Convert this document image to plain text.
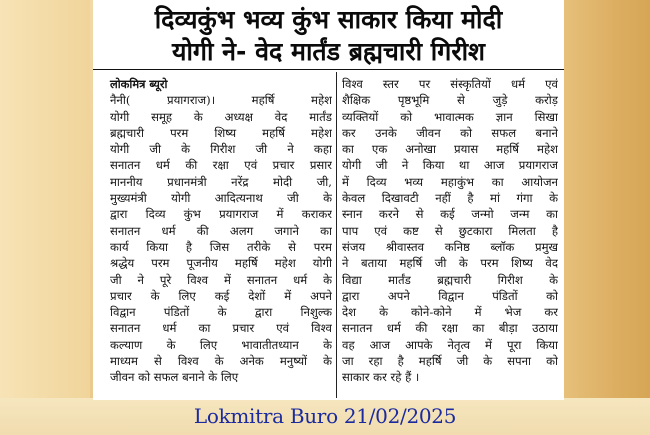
दिव्यकुंभ भव्य कुंभ साकार किया मोदी
योगी ने- वेद मार्तंड ब्रह्मचारी गिरीश
लोकमित्र ब्यूरो
नैनी( प्रयागराज)। महर्षि महेश
योगी समूह के अध्यक्ष वेद मार्तंड
ब्रह्मचारी परम शिष्य महर्षि महेश
योगी जी के गिरीश जी ने कहा
सनातन धर्म की रक्षा एवं प्रचार प्रसार
माननीय प्रधानमंत्री नरेंद्र मोदी जी,
मुख्यमंत्री योगी आदित्यनाथ जी के
द्वारा दिव्य कुंभ प्रयागराज में कराकर
सनातन धर्म की अलग जगाने का
कार्य किया है जिस तरीके से परम
श्रद्धेय परम पूजनीय महर्षि महेश योगी
जी ने पूरे विश्व में सनातन धर्म के
प्रचार के लिए कई देशों में अपने
विद्वान पंडितों के द्वारा निशुल्क
सनातन धर्म का प्रचार एवं विश्व
कल्याण के लिए भावातीतध्यान के
माध्यम से विश्व के अनेक मनुष्यों के
जीवन को सफल बनाने के लिए
विश्व स्तर पर संस्कृतियों धर्म एवं
शैक्षिक पृष्ठभूमि से जुड़े करोड़
व्यक्तियों को भावात्मक ज्ञान सिखा
कर उनके जीवन को सफल बनाने
का एक अनोखा प्रयास महर्षि महेश
योगी जी ने किया था आज प्रयागराज
में दिव्य भव्य महाकुंभ का आयोजन
केवल दिखावटी नहीं है मां गंगा के
स्नान करने से कई जन्मो जन्म का
पाप एवं कष्ट से छुटकारा मिलता है
संजय श्रीवास्तव कनिष्ठ ब्लॉक प्रमुख
ने बताया महर्षि जी के परम शिष्य वेद
विद्या मार्तंड ब्रह्मचारी गिरीश के
द्वारा अपने विद्वान पंडितों को
देश के कोने-कोने में भेज कर
सनातन धर्म की रक्षा का बीड़ा उठाया
वह आज आपके नेतृत्व में पूरा किया
जा रहा है महर्षि जी के सपना को
साकार कर रहे हैं ।
Lokmitra Buro 21/02/2025
